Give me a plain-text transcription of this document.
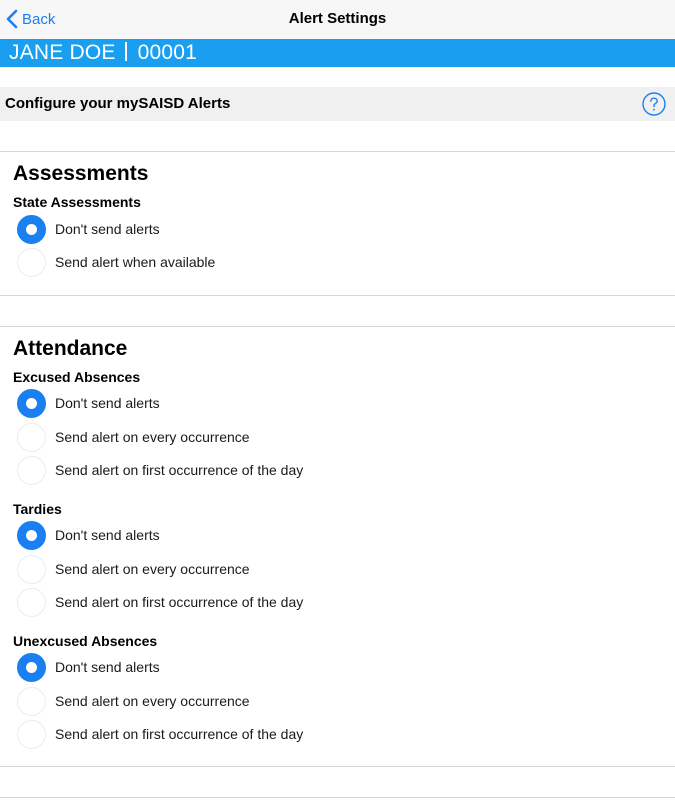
Back	Alert Settings
JANE DOE 00001
Configure your mySAISD Alerts
Assessments
State Assessments
Don't send alerts
Send alert when available
Attendance
Excused Absences
Don't send alerts
Send alert on every occurrence
Send alert on first occurrence of the day
Tardies
Don't send alerts
Send alert on every occurrence
Send alert on first occurrence of the day
Unexcused Absences
Don't send alerts
Send alert on every occurrence
Send alert on first occurrence of the day
